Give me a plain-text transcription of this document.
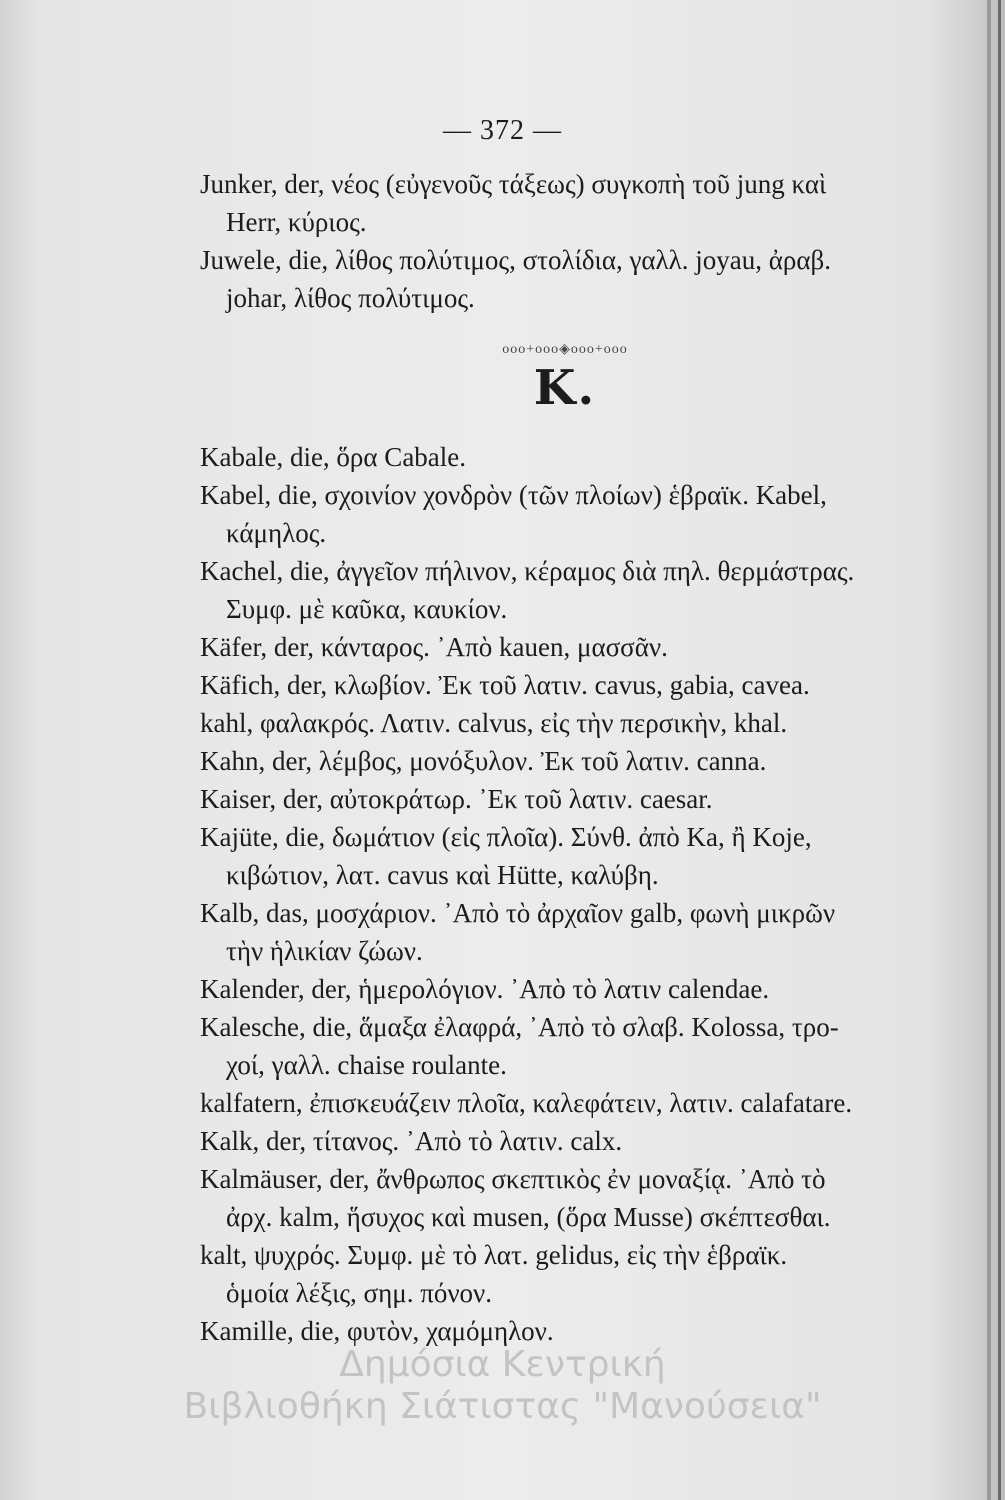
— 372 —
Junker, der, νέος (εὐγενοῦς τάξεως) συγκοπὴ τοῦ jung καὶ

Herr, κύριος.
Juwele, die, λίθος πολύτιμος, στολίδια, γαλλ. joyau, ἀραβ.

johar, λίθος πολύτιμος.
ooo+ooo◈ooo+ooo
K.
Kabale, die, ὅρα Cabale.
Kabel, die, σχοινίον χονδρὸν (τῶν πλοίων) ἑβραϊκ. Kabel,

κάμηλος.
Kachel, die, ἀγγεῖον πήλινον, κέραμος διὰ πηλ. θερμάστρας.

Συμφ. μὲ καῦκα, καυκίον.
Käfer, der, κάνταρος. ᾽Απὸ kauen, μασσᾶν.
Käfich, der, κλωβίον. Ἐκ τοῦ λατιν. cavus, gabia, cavea.
kahl, φαλακρός. Λατιν. calvus, εἰς τὴν περσικὴν, khal.
Kahn, der, λέμβος, μονόξυλον. Ἐκ τοῦ λατιν. canna.
Kaiser, der, αὐτοκράτωρ. ᾽Εκ τοῦ λατιν. caesar.
Kajüte, die, δωμάτιον (εἰς πλοῖα). Σύνθ. ἀπὸ Ka, ἢ Koje,

κιβώτιον, λατ. cavus καὶ Hütte, καλύβη.
Kalb, das, μοσχάριον. ᾽Απὸ τὸ ἀρχαῖον galb, φωνὴ μικρῶν

τὴν ἡλικίαν ζώων.
Kalender, der, ἡμερολόγιον. ᾽Απὸ τὸ λατιν calendae.
Kalesche, die, ἅμαξα ἐλαφρά, ᾽Απὸ τὸ σλαβ. Kolossa, τρο-

χοί, γαλλ. chaise roulante.
kalfatern, ἐπισκευάζειν πλοῖα, καλεφάτειν, λατιν. calafatare.
Kalk, der, τίτανος. ᾽Απὸ τὸ λατιν. calx.
Kalmäuser, der, ἄνθρωπος σκεπτικὸς ἐν μοναξίᾳ. ᾽Απὸ τὸ

ἀρχ. kalm, ἥσυχος καὶ musen, (ὅρα Musse) σκέπτεσθαι.
kalt, ψυχρός. Συμφ. μὲ τὸ λατ. gelidus, εἰς τὴν ἑβραϊκ.

ὁμοία λέξις, σημ. πόνον.
Kamille, die, φυτὸν, χαμόμηλον.
Δημόσια Κεντρική
Βιβλιοθήκη Σιάτιστας "Μανούσεια"
